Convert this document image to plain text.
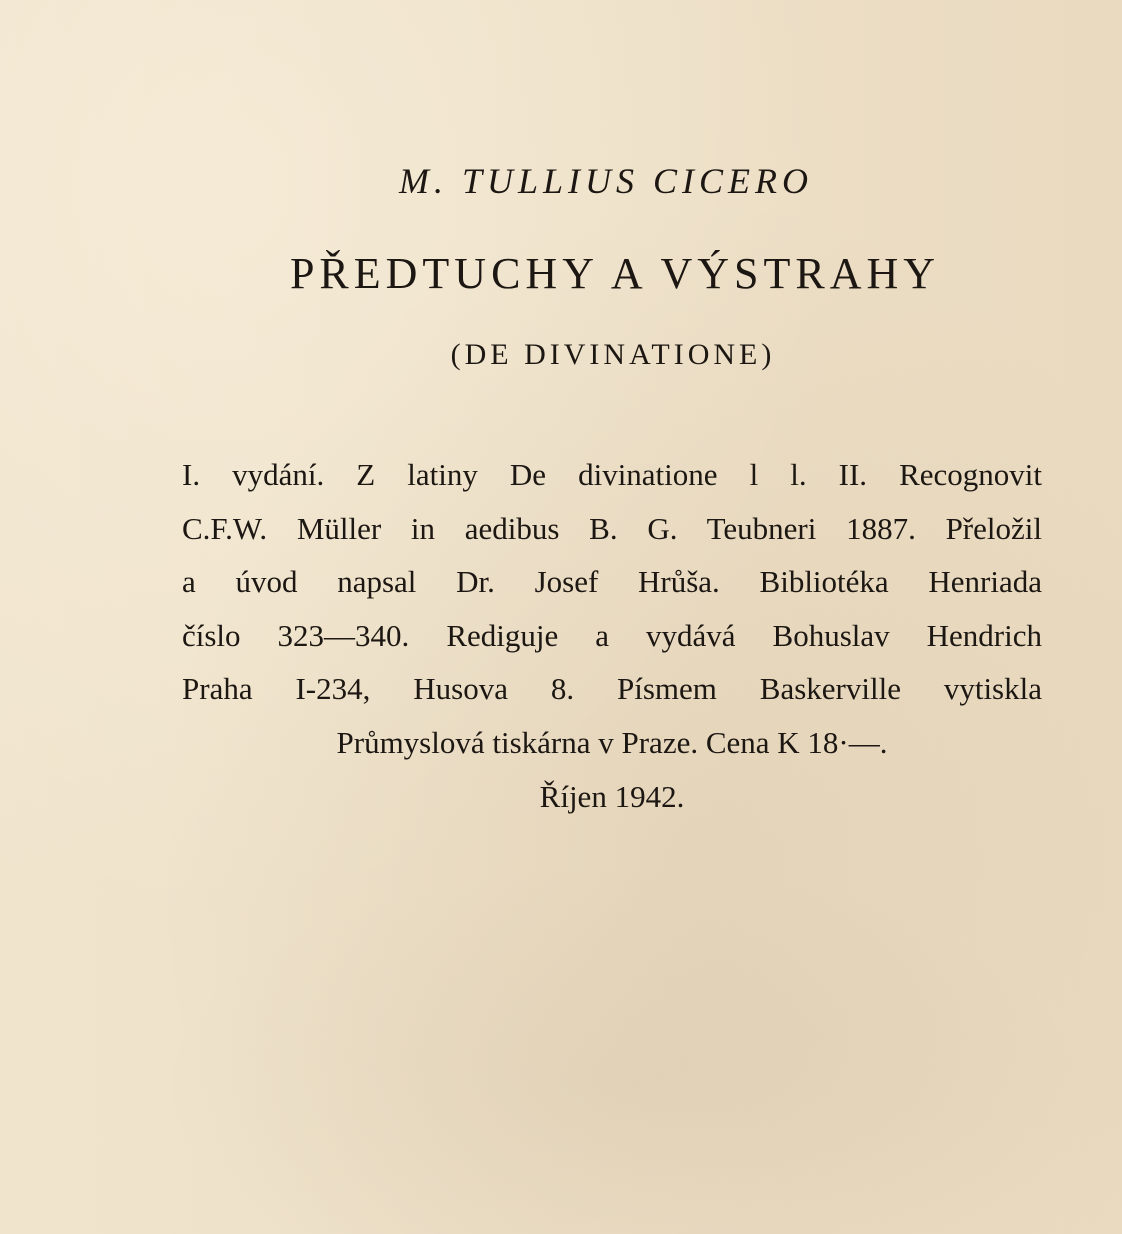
M. TULLIUS CICERO
PŘEDTUCHY A VÝSTRAHY
(DE DIVINATIONE)
I. vydání. Z latiny De divinatione l l. II. Recognovit
C.F.W. Müller in aedibus B. G. Teubneri 1887. Přeložil
a úvod napsal Dr. Josef Hrůša. Bibliotéka Henriada
číslo 323—340. Rediguje a vydává Bohuslav Hendrich
Praha I-234, Husova 8. Písmem Baskerville vytiskla
Průmyslová tiskárna v Praze. Cena K 18·—.
Říjen 1942.
